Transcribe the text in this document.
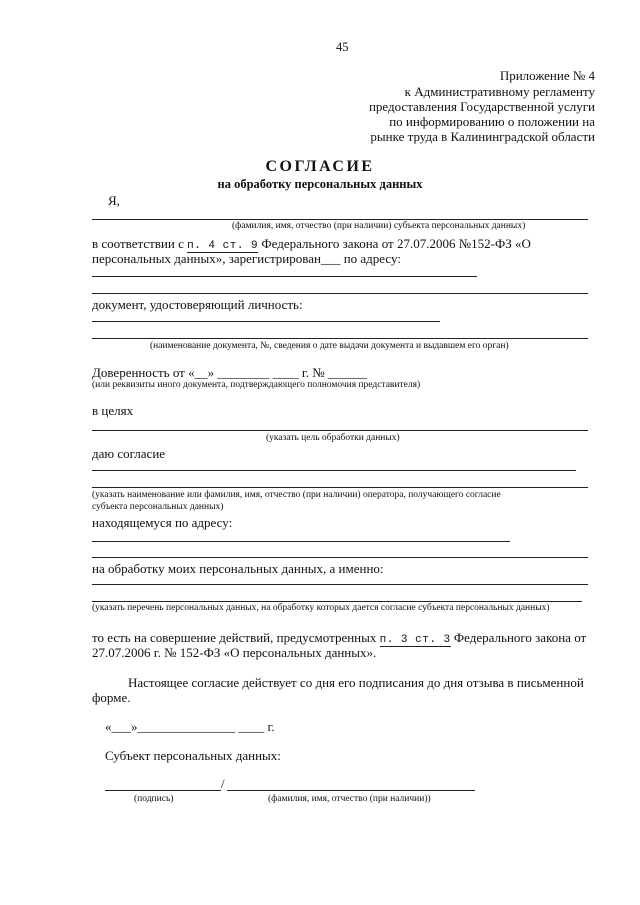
45
Приложение № 4
к Административному регламенту
предоставления Государственной услуги
по информированию о положении на
рынке труда в Калининградской области
СОГЛАСИЕ
на обработку персональных данных
Я,
(фамилия, имя, отчество (при наличии) субъекта персональных данных)
в соответствии с п. 4 ст. 9 Федерального закона от 27.07.2006 №152-ФЗ «О
персональных данных», зарегистрирован___ по адресу:
документ, удостоверяющий личность:
(наименование документа, №, сведения о дате выдачи документа и выдавшем его орган)
Доверенность от «__» ________ ____ г. № ______
(или реквизиты иного документа, подтверждающего полномочия представителя)
в целях
(указать цель обработки данных)
даю согласие
(указать наименование или фамилия, имя, отчество (при наличии) оператора, получающего согласие
субъекта персональных данных)
находящемуся по адресу:
на обработку моих персональных данных, а именно:
(указать перечень персональных данных, на обработку которых дается согласие субъекта персональных данных)
то есть на совершение действий, предусмотренных п. 3 ст. 3 Федерального закона от
27.07.2006 г. № 152-ФЗ «О персональных данных».
Настоящее согласие действует со дня его подписания до дня отзыва в письменной
форме.
«___»_______________ ____ г.
Субъект персональных данных:
/
(подпись)	(фамилия, имя, отчество (при наличии))
